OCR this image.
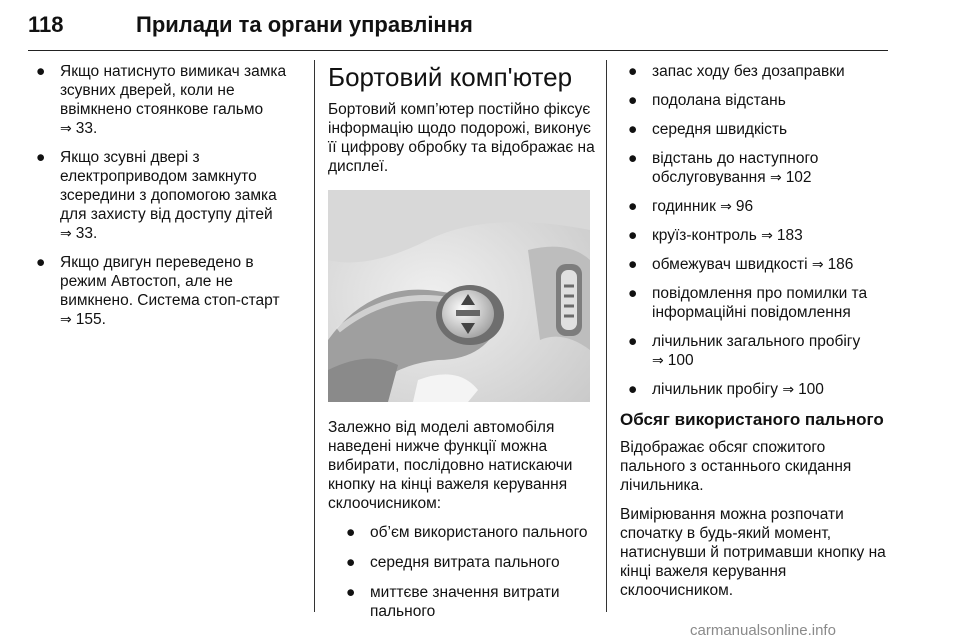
118	Прилади та органи управління
● Якщо натиснуто вимикач замка зсувних дверей, коли не ввімкнено стоянкове гальмо
⇒ 33.
● Якщо зсувні двері з електроприводом замкнуто зсередини з допомогою замка для захисту від доступу дітей
⇒ 33.
● Якщо двигун переведено в режим Автостоп, але не вимкнено. Система стоп-старт
⇒ 155.
Бортовий комп'ютер

Бортовий комп’ютер постійно фіксує інформацію щодо подорожі, виконує її цифрову обробку та відображає на дисплеї.

Залежно від моделі автомобіля наведені нижче функції можна вибирати, послідовно натискаючи кнопку на кінці важеля керування склоочисником:

● об’єм використаного пального
● середня витрата пального
● миттєве значення витрати пального
● запас ходу без дозаправки
● подолана відстань
● середня швидкість
● відстань до наступного обслуговування ⇒ 102
● годинник ⇒ 96
● круїз-контроль ⇒ 183
● обмежувач швидкості ⇒ 186
● повідомлення про помилки та інформаційні повідомлення
● лічильник загального пробігу ⇒ 100
● лічильник пробігу ⇒ 100
Обсяг використаного пального

Відображає обсяг спожитого пального з останнього скидання лічильника.

Вимірювання можна розпочати спочатку в будь-який момент, натиснувши й потримавши кнопку на кінці важеля керування склоочисником.

carmanualsonline.info
